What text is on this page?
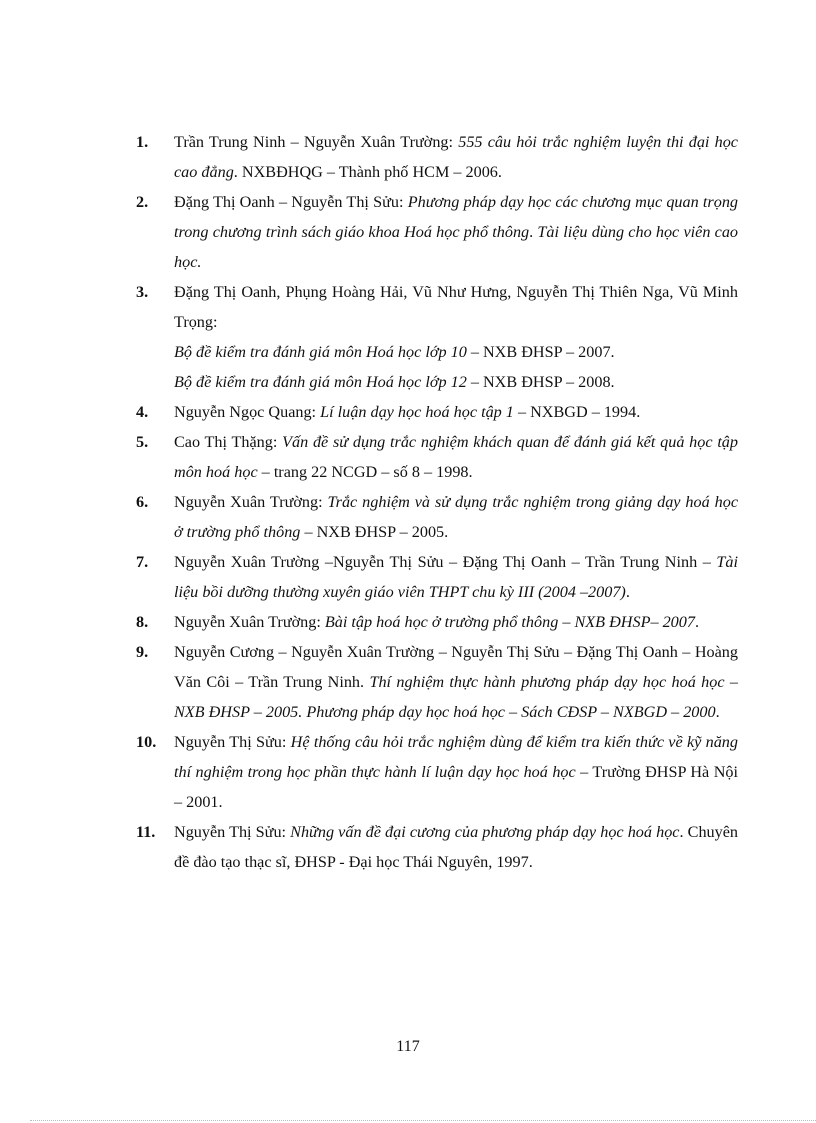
1. Trần Trung Ninh – Nguyễn Xuân Trường: 555 câu hỏi trắc nghiệm luyện thi đại học cao đẳng. NXBĐHQG – Thành phố HCM – 2006.
2. Đặng Thị Oanh – Nguyễn Thị Sửu: Phương pháp dạy học các chương mục quan trọng trong chương trình sách giáo khoa Hoá học phổ thông. Tài liệu dùng cho học viên cao học.
3. Đặng Thị Oanh, Phụng Hoàng Hải, Vũ Như Hưng, Nguyễn Thị Thiên Nga, Vũ Minh Trọng:
Bộ đề kiểm tra đánh giá môn Hoá học lớp 10 – NXB ĐHSP – 2007.
Bộ đề kiểm tra đánh giá môn Hoá học lớp 12 – NXB ĐHSP – 2008.
4. Nguyễn Ngọc Quang: Lí luận dạy học hoá học tập 1 – NXBGD – 1994.
5. Cao Thị Thặng: Vấn đề sử dụng trắc nghiệm khách quan để đánh giá kết quả học tập môn hoá học – trang 22 NCGD – số 8 – 1998.
6. Nguyễn Xuân Trường: Trắc nghiệm và sử dụng trắc nghiệm trong giảng dạy hoá học ở trường phổ thông – NXB ĐHSP – 2005.
7. Nguyễn Xuân Trường –Nguyễn Thị Sửu – Đặng Thị Oanh – Trần Trung Ninh – Tài liệu bồi dưỡng thường xuyên giáo viên THPT chu kỳ III (2004 –2007).
8. Nguyễn Xuân Trường: Bài tập hoá học ở trường phổ thông – NXB ĐHSP– 2007.
9. Nguyễn Cương – Nguyễn Xuân Trường – Nguyễn Thị Sửu – Đặng Thị Oanh – Hoàng Văn Côi – Trần Trung Ninh. Thí nghiệm thực hành phương pháp dạy học hoá học – NXB ĐHSP – 2005. Phương pháp dạy học hoá học – Sách CĐSP – NXBGD – 2000.
10. Nguyễn Thị Sửu: Hệ thống câu hỏi trắc nghiệm dùng để kiểm tra kiến thức về kỹ năng thí nghiệm trong học phần thực hành lí luận dạy học hoá học – Trường ĐHSP Hà Nội – 2001.
11. Nguyễn Thị Sửu: Những vấn đề đại cương của phương pháp dạy học hoá học. Chuyên đề đào tạo thạc sĩ, ĐHSP - Đại học Thái Nguyên, 1997.
117
